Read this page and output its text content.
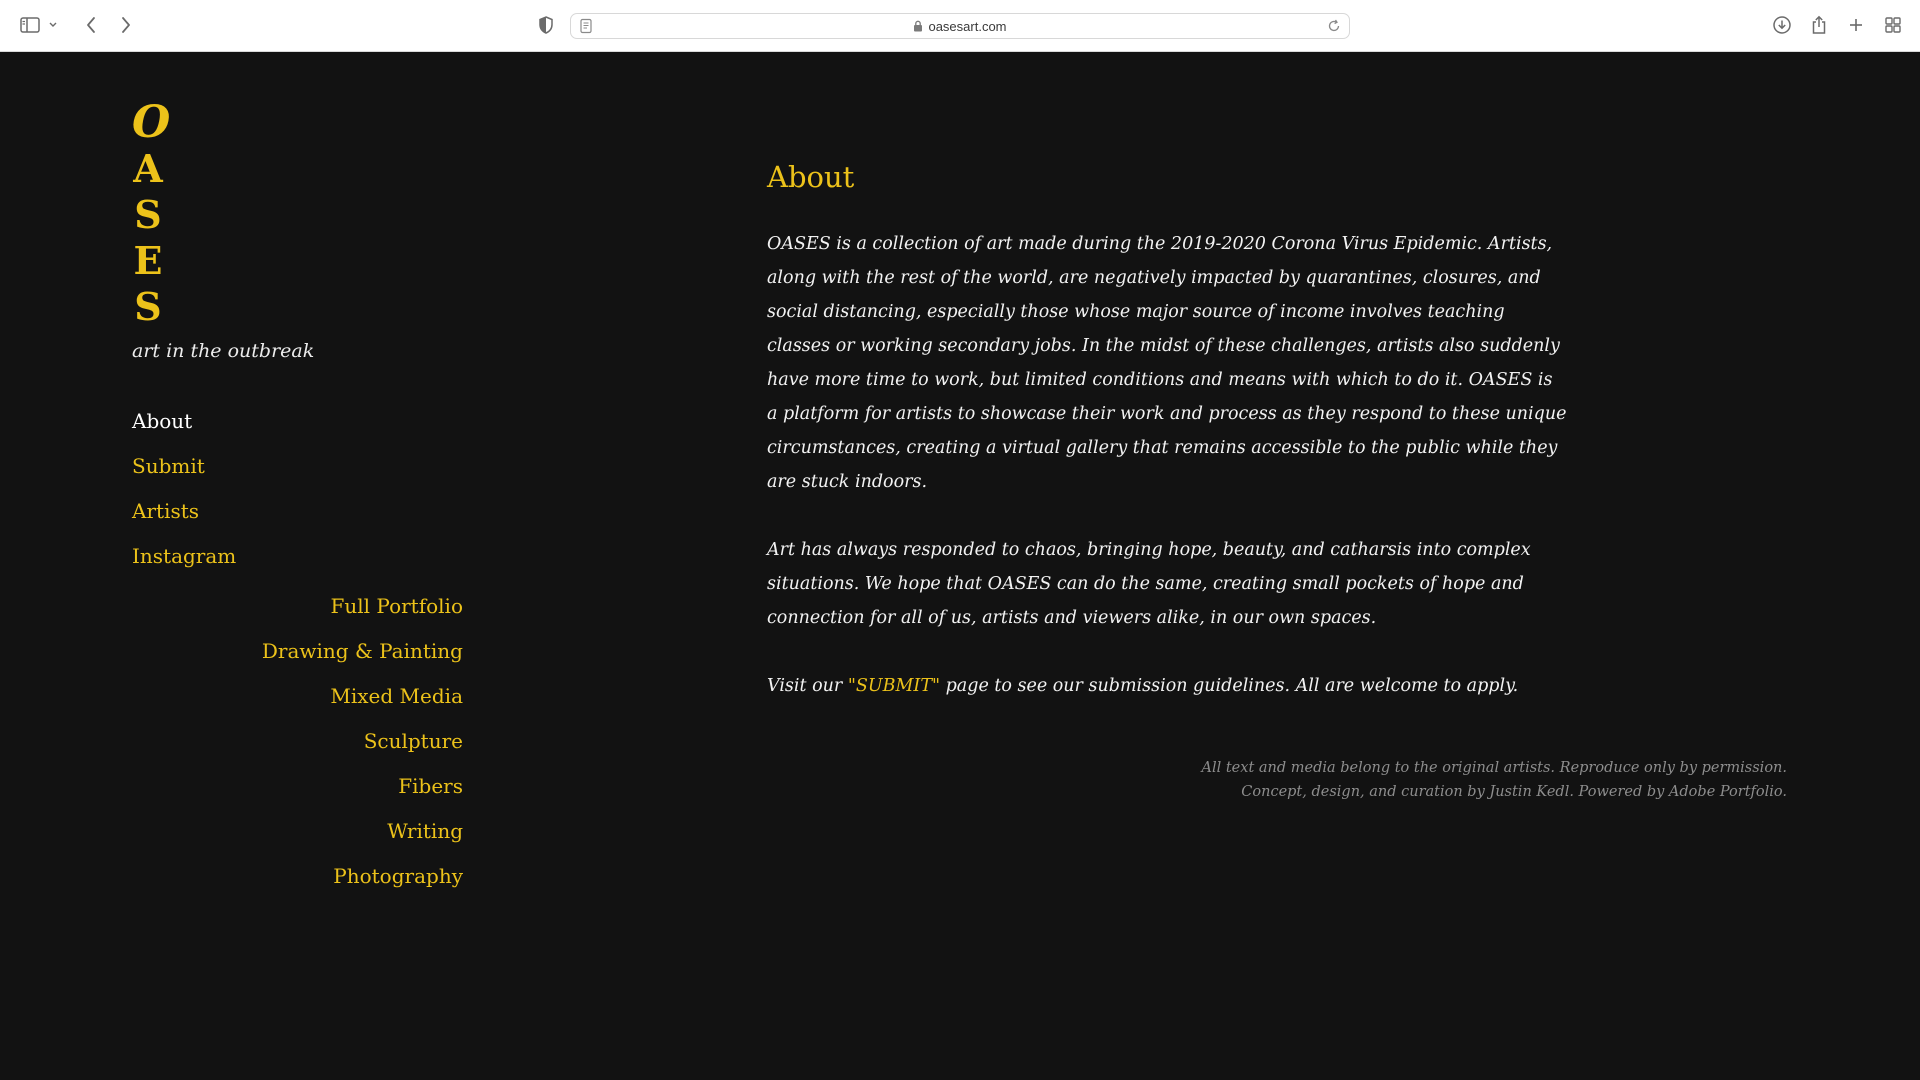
oasesart.com
O
A
S
E
S
art in the outbreak
About
Submit
Artists
Instagram
Full Portfolio
Drawing & Painting
Mixed Media
Sculpture
Fibers
Writing
Photography
About

OASES is a collection of art made during the 2019-2020 Corona Virus Epidemic. Artists, along with the rest of the world, are negatively impacted by quarantines, closures, and social distancing, especially those whose major source of income involves teaching classes or working secondary jobs. In the midst of these challenges, artists also suddenly have more time to work, but limited conditions and means with which to do it. OASES is a platform for artists to showcase their work and process as they respond to these unique circumstances, creating a virtual gallery that remains accessible to the public while they are stuck indoors.

Art has always responded to chaos, bringing hope, beauty, and catharsis into complex situations. We hope that OASES can do the same, creating small pockets of hope and connection for all of us, artists and viewers alike, in our own spaces.

Visit our "SUBMIT" page to see our submission guidelines. All are welcome to apply.

All text and media belong to the original artists. Reproduce only by permission.
Concept, design, and curation by Justin Kedl. Powered by Adobe Portfolio.
